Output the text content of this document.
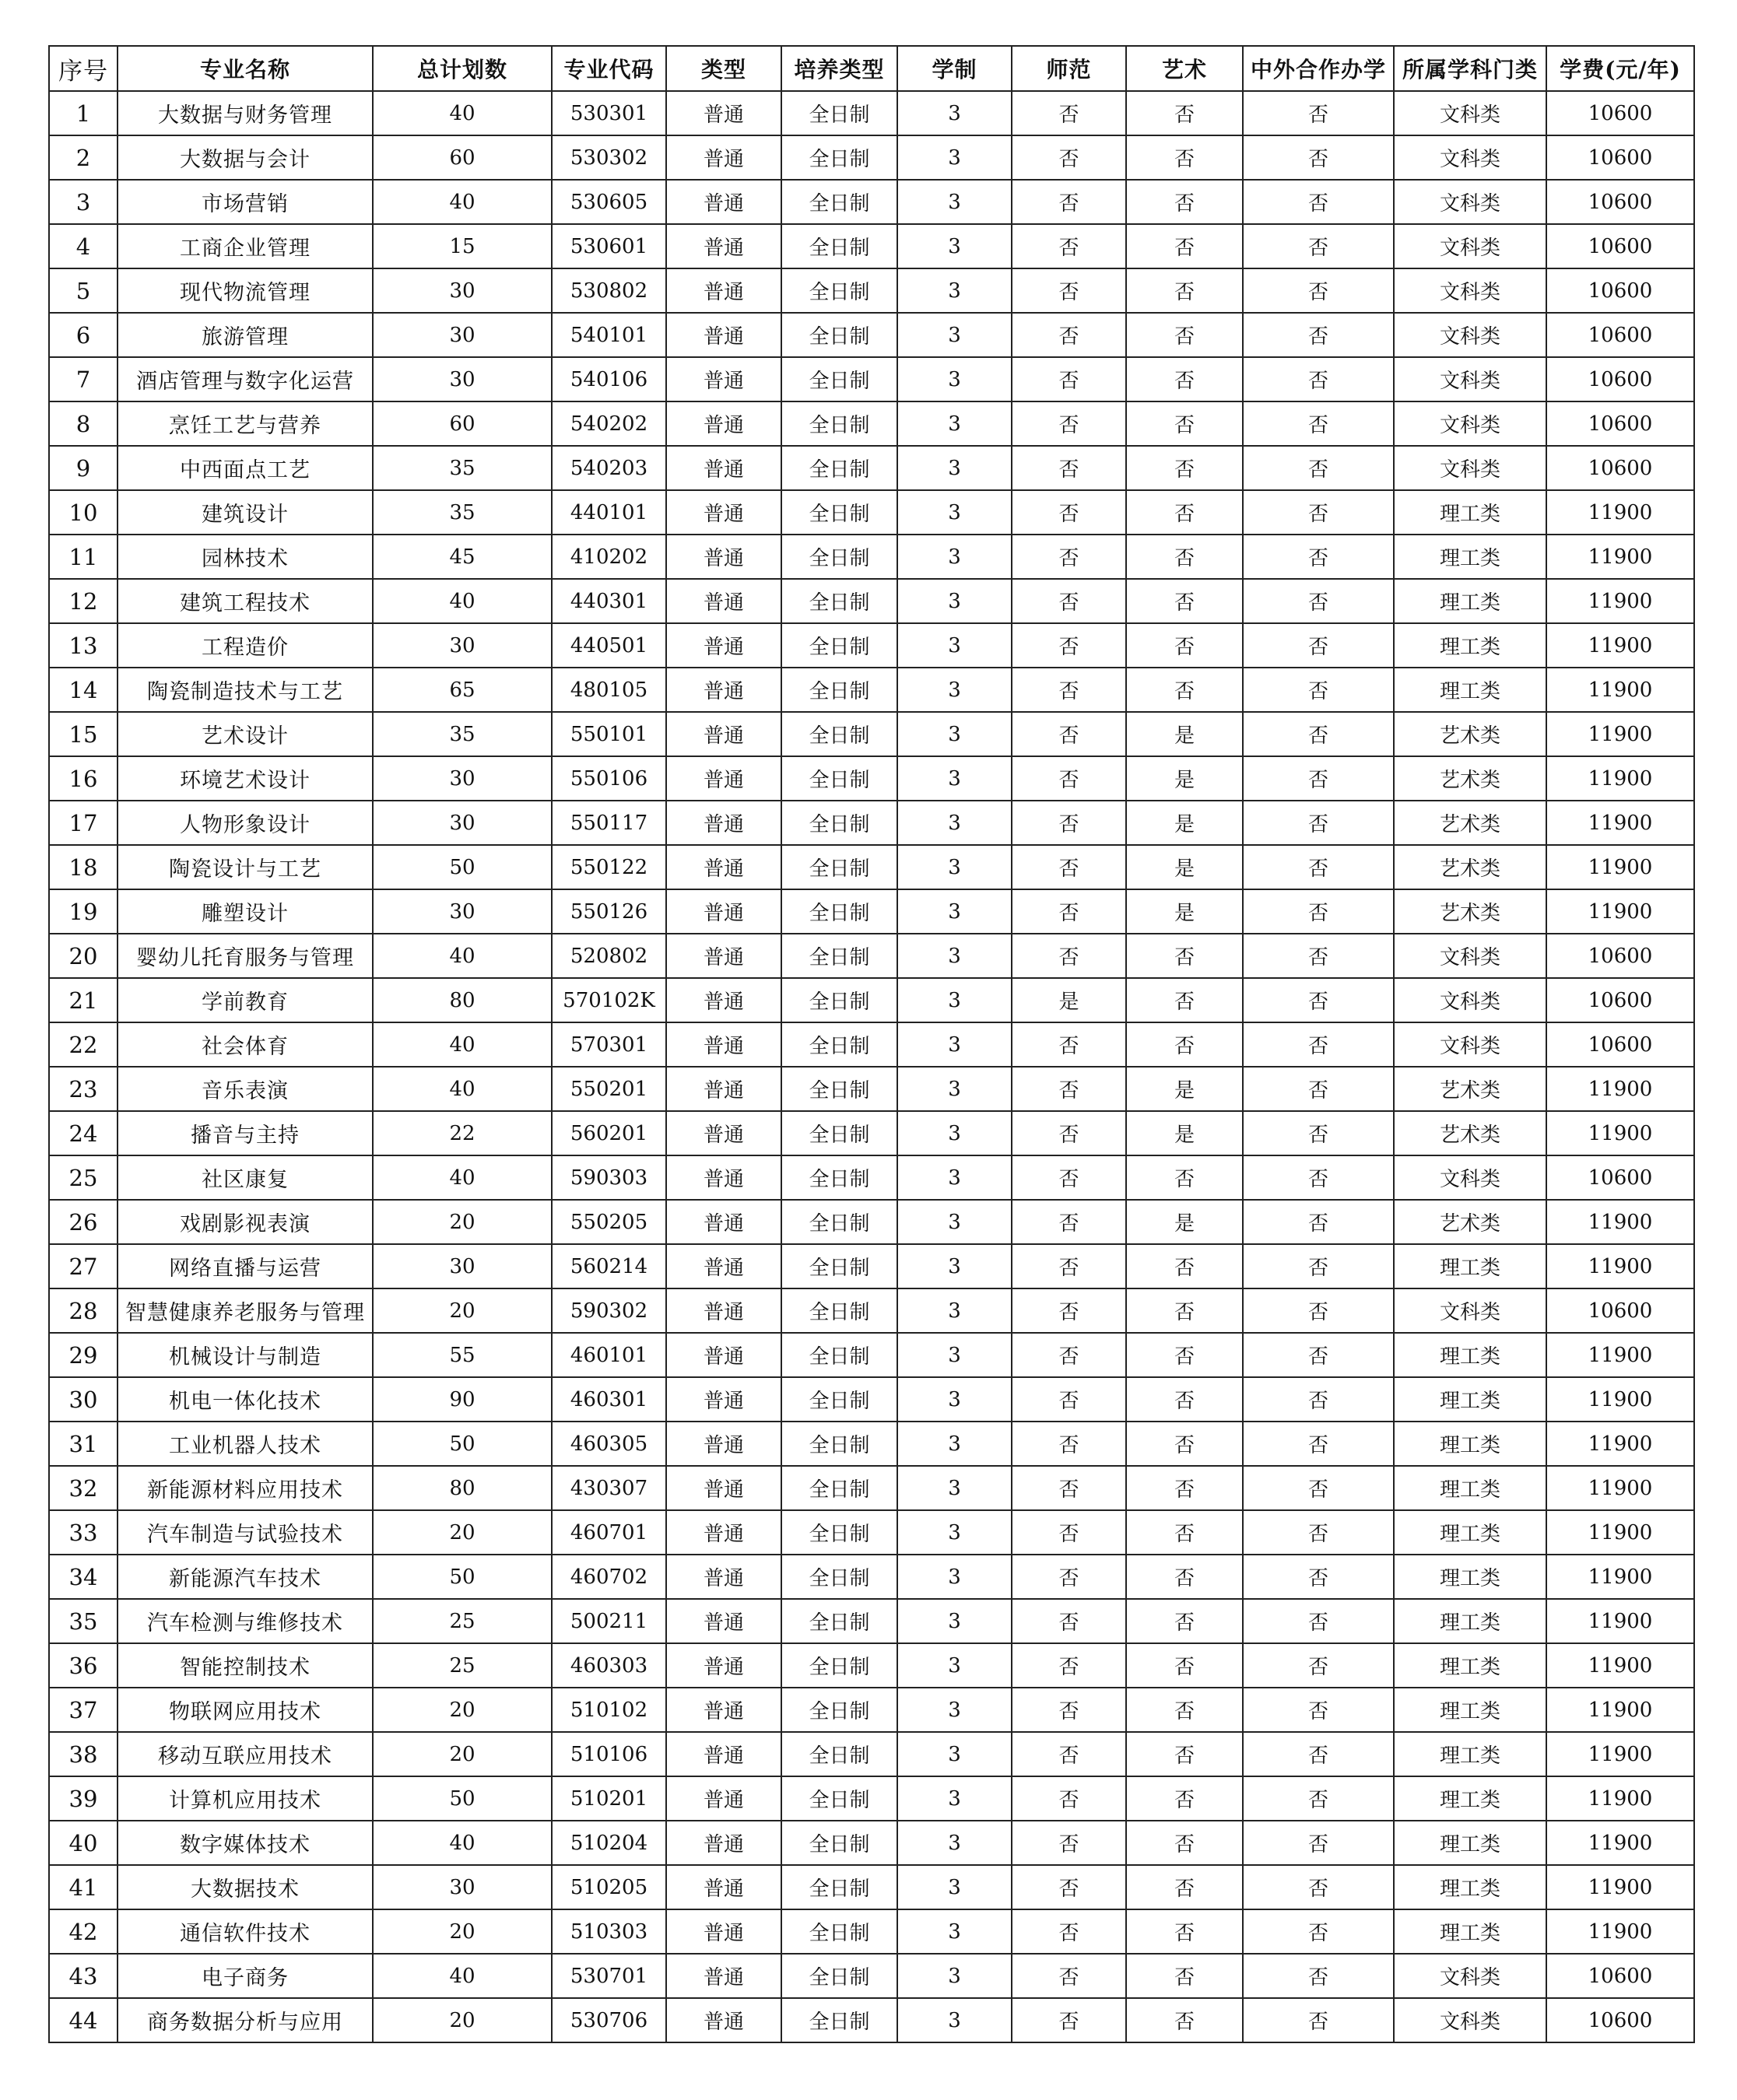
序号	专业名称	总计划数	专业代码	类型	培养类型	学制	师范	艺术	中外合作办学	所属学科门类	学费(元/年)
1	大数据与财务管理	40	530301	普通	全日制	3	否	否	否	文科类	10600
2	大数据与会计	60	530302	普通	全日制	3	否	否	否	文科类	10600
3	市场营销	40	530605	普通	全日制	3	否	否	否	文科类	10600
4	工商企业管理	15	530601	普通	全日制	3	否	否	否	文科类	10600
5	现代物流管理	30	530802	普通	全日制	3	否	否	否	文科类	10600
6	旅游管理	30	540101	普通	全日制	3	否	否	否	文科类	10600
7	酒店管理与数字化运营	30	540106	普通	全日制	3	否	否	否	文科类	10600
8	烹饪工艺与营养	60	540202	普通	全日制	3	否	否	否	文科类	10600
9	中西面点工艺	35	540203	普通	全日制	3	否	否	否	文科类	10600
10	建筑设计	35	440101	普通	全日制	3	否	否	否	理工类	11900
11	园林技术	45	410202	普通	全日制	3	否	否	否	理工类	11900
12	建筑工程技术	40	440301	普通	全日制	3	否	否	否	理工类	11900
13	工程造价	30	440501	普通	全日制	3	否	否	否	理工类	11900
14	陶瓷制造技术与工艺	65	480105	普通	全日制	3	否	否	否	理工类	11900
15	艺术设计	35	550101	普通	全日制	3	否	是	否	艺术类	11900
16	环境艺术设计	30	550106	普通	全日制	3	否	是	否	艺术类	11900
17	人物形象设计	30	550117	普通	全日制	3	否	是	否	艺术类	11900
18	陶瓷设计与工艺	50	550122	普通	全日制	3	否	是	否	艺术类	11900
19	雕塑设计	30	550126	普通	全日制	3	否	是	否	艺术类	11900
20	婴幼儿托育服务与管理	40	520802	普通	全日制	3	否	否	否	文科类	10600
21	学前教育	80	570102K	普通	全日制	3	是	否	否	文科类	10600
22	社会体育	40	570301	普通	全日制	3	否	否	否	文科类	10600
23	音乐表演	40	550201	普通	全日制	3	否	是	否	艺术类	11900
24	播音与主持	22	560201	普通	全日制	3	否	是	否	艺术类	11900
25	社区康复	40	590303	普通	全日制	3	否	否	否	文科类	10600
26	戏剧影视表演	20	550205	普通	全日制	3	否	是	否	艺术类	11900
27	网络直播与运营	30	560214	普通	全日制	3	否	否	否	理工类	11900
28	智慧健康养老服务与管理	20	590302	普通	全日制	3	否	否	否	文科类	10600
29	机械设计与制造	55	460101	普通	全日制	3	否	否	否	理工类	11900
30	机电一体化技术	90	460301	普通	全日制	3	否	否	否	理工类	11900
31	工业机器人技术	50	460305	普通	全日制	3	否	否	否	理工类	11900
32	新能源材料应用技术	80	430307	普通	全日制	3	否	否	否	理工类	11900
33	汽车制造与试验技术	20	460701	普通	全日制	3	否	否	否	理工类	11900
34	新能源汽车技术	50	460702	普通	全日制	3	否	否	否	理工类	11900
35	汽车检测与维修技术	25	500211	普通	全日制	3	否	否	否	理工类	11900
36	智能控制技术	25	460303	普通	全日制	3	否	否	否	理工类	11900
37	物联网应用技术	20	510102	普通	全日制	3	否	否	否	理工类	11900
38	移动互联应用技术	20	510106	普通	全日制	3	否	否	否	理工类	11900
39	计算机应用技术	50	510201	普通	全日制	3	否	否	否	理工类	11900
40	数字媒体技术	40	510204	普通	全日制	3	否	否	否	理工类	11900
41	大数据技术	30	510205	普通	全日制	3	否	否	否	理工类	11900
42	通信软件技术	20	510303	普通	全日制	3	否	否	否	理工类	11900
43	电子商务	40	530701	普通	全日制	3	否	否	否	文科类	10600
44	商务数据分析与应用	20	530706	普通	全日制	3	否	否	否	文科类	10600
